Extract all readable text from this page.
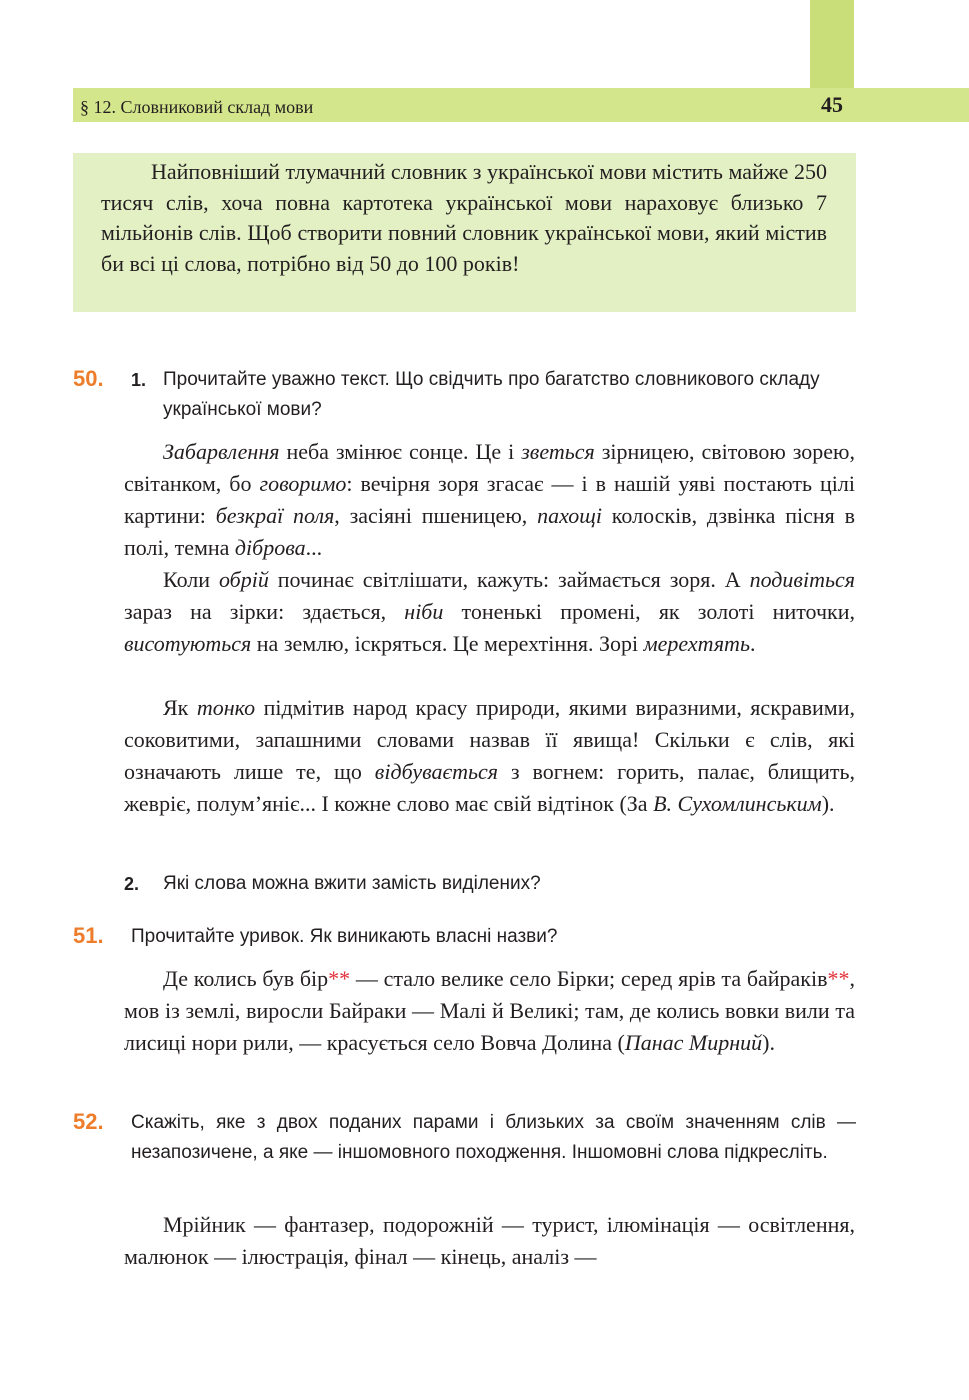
§ 12. Словниковий склад мови	45

Найповніший тлумачний словник з української мови містить майже 250 тисяч слів, хоча повна картотека української мови нараховує близько 7 мільйонів слів. Щоб створити повний словник української мови, який містив би всі ці слова, потрібно від 50 до 100 років!

50. 1. Прочитайте уважно текст. Що свідчить про багатство словникового складу української мови?

Забарвлення неба змінює сонце. Це і зветься зірницею, світовою зорею, світанком, бо говоримо: вечірня зоря згасає — і в нашій уяві постають цілі картини: безкраї поля, засіяні пшеницею, пахощі колосків, дзвінка пісня в полі, темна діброва...

Коли обрій починає світлішати, кажуть: займається зоря. А подивіться зараз на зірки: здається, ніби тоненькі промені, як золоті ниточки, висотуються на землю, іскряться. Це мерехтіння. Зорі мерехтять.

Як тонко підмітив народ красу природи, якими виразними, яскравими, соковитими, запашними словами назвав її явища! Скільки є слів, які означають лише те, що відбувається з вогнем: горить, палає, блищить, жевріє, полум’яніє... І кожне слово має свій відтінок (За В. Сухомлинським).

2. Які слова можна вжити замість виділених?

51. Прочитайте уривок. Як виникають власні назви?

Де колись був бір** — стало велике село Бірки; серед ярів та байраків**, мов із землі, виросли Байраки — Малі й Великі; там, де колись вовки вили та лисиці нори рили, — красується село Вовча Долина (Панас Мирний).

52. Скажіть, яке з двох поданих парами і близьких за своїм значенням слів — незапозичене, а яке — іншомовного походження. Іншомовні слова підкресліть.

Мрійник — фантазер, подорожній — турист, ілюмінація — освітлення, малюнок — ілюстрація, фінал — кінець, аналіз —
